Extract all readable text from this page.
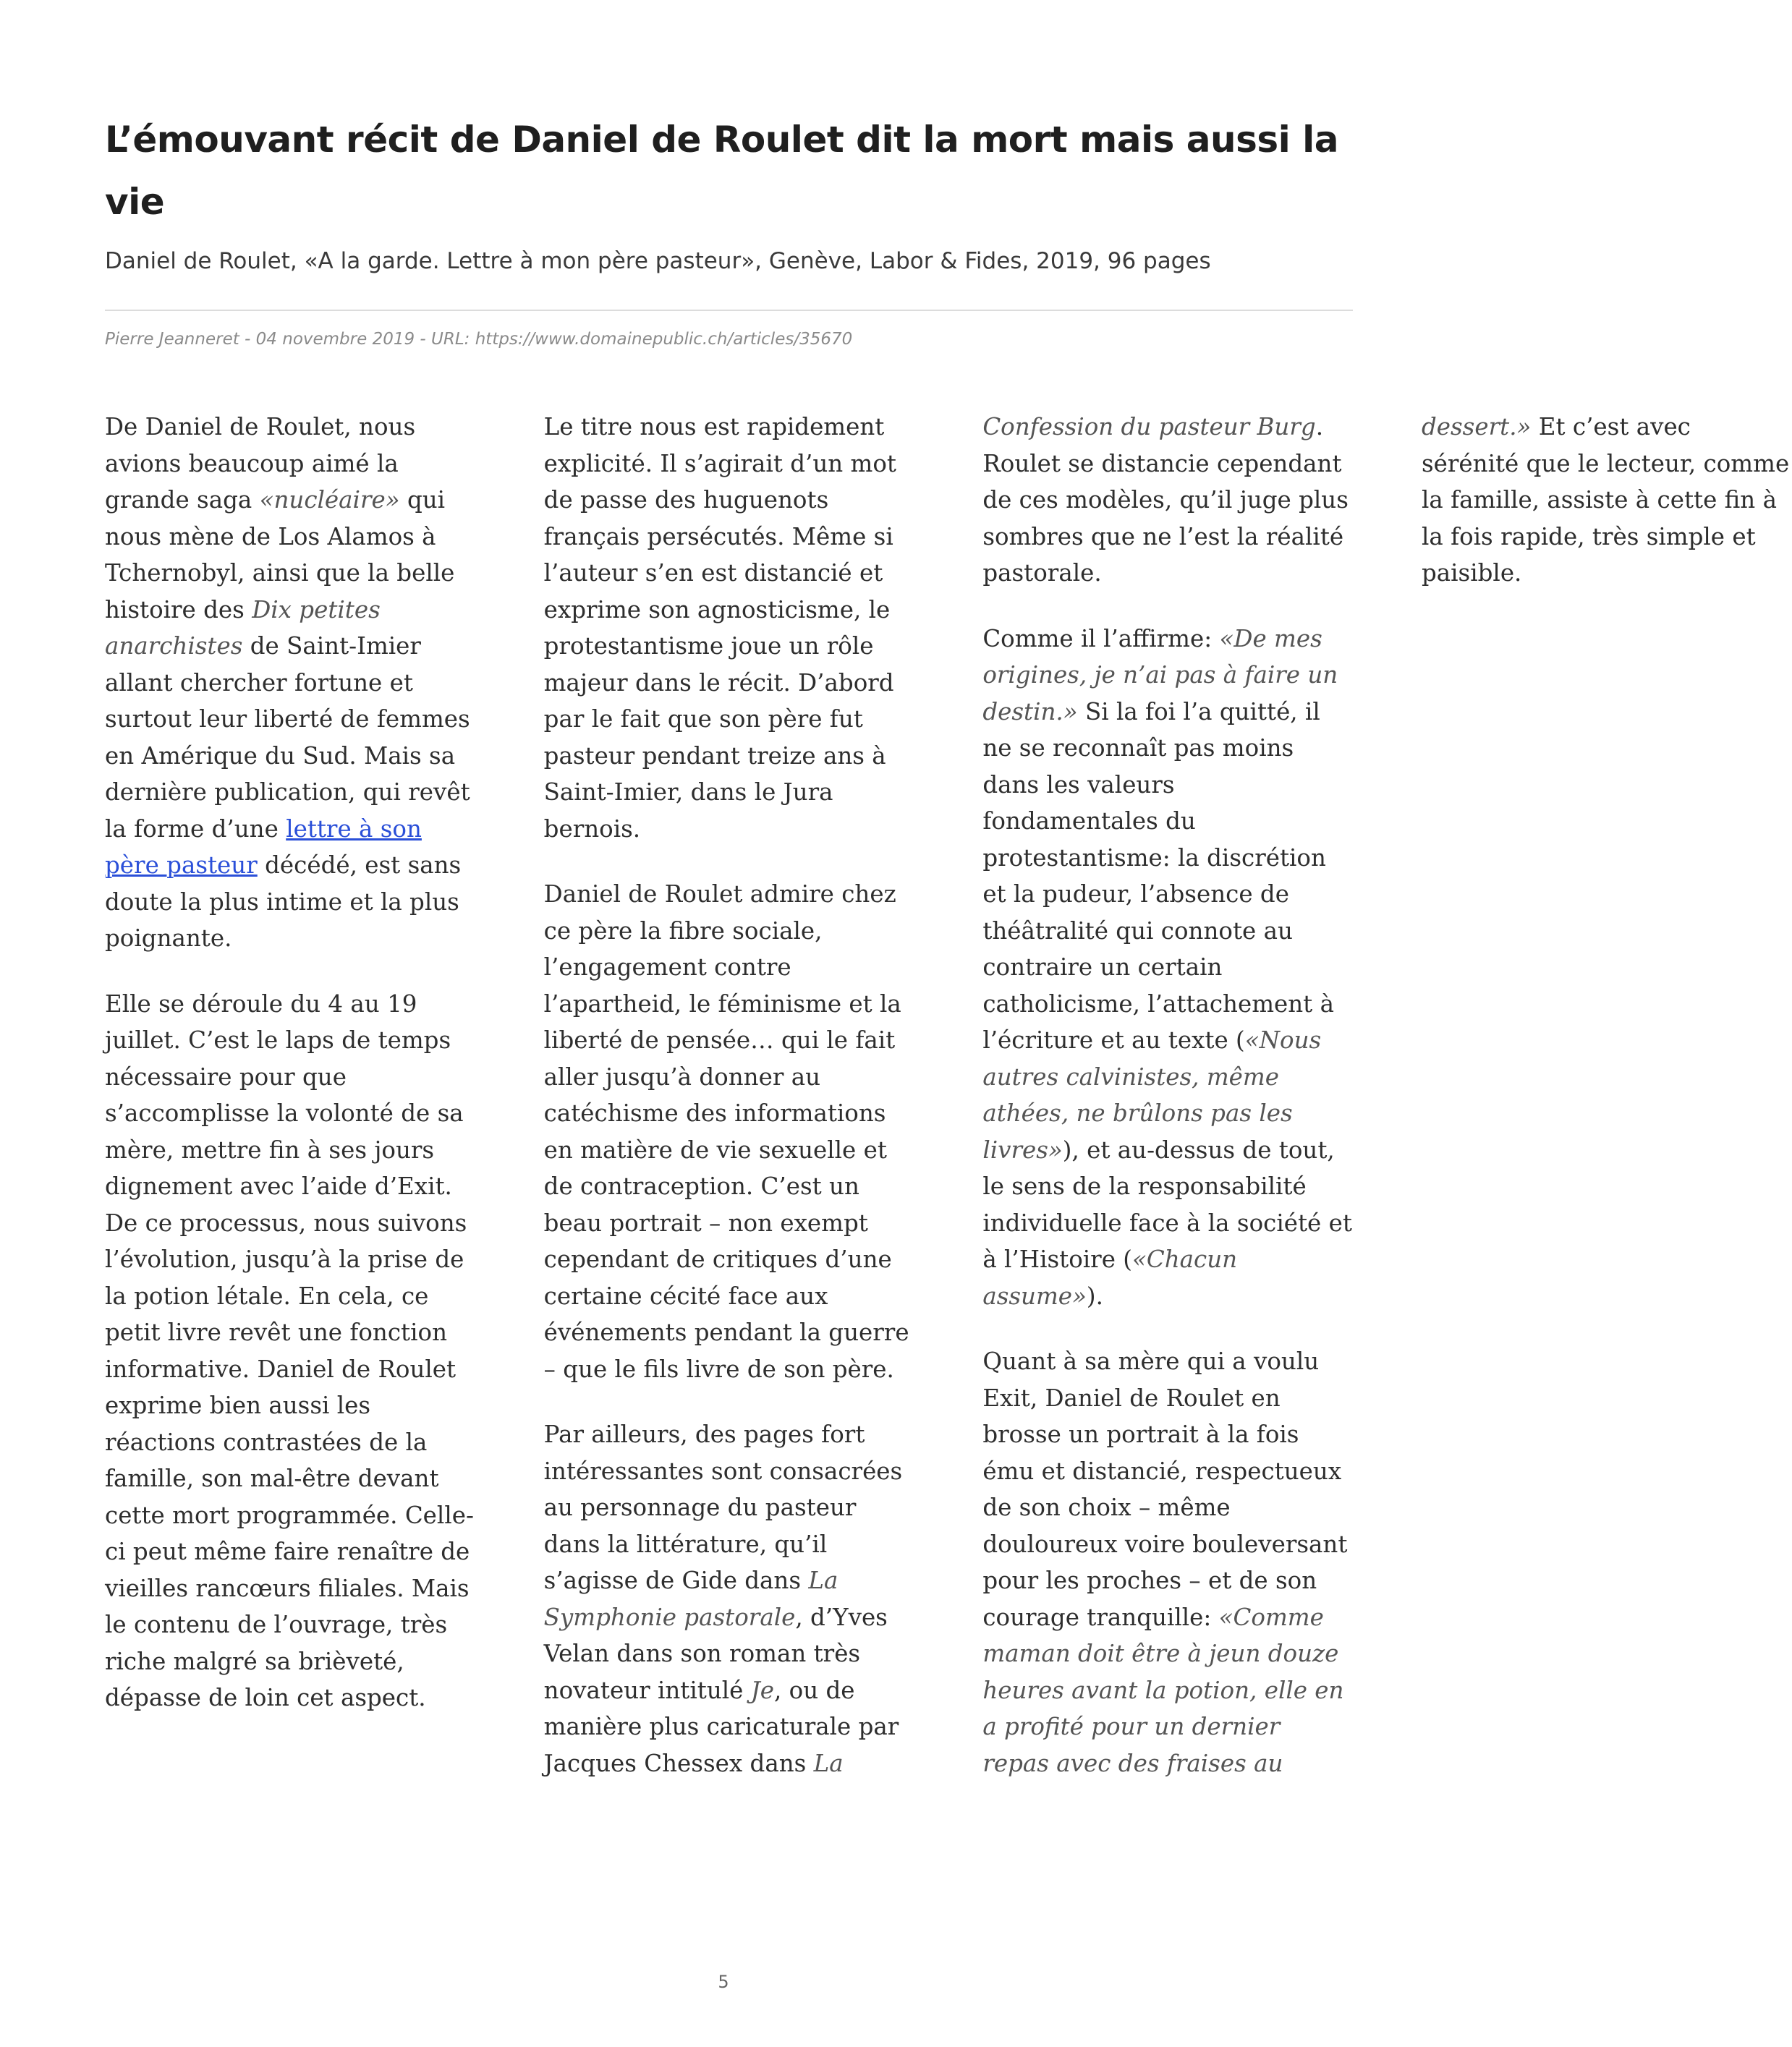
L’émouvant récit de Daniel de Roulet dit la mort mais aussi la vie

Daniel de Roulet, «A la garde. Lettre à mon père pasteur», Genève, Labor & Fides, 2019, 96 pages

Pierre Jeanneret - 04 novembre 2019 - URL: https://www.domainepublic.ch/articles/35670

De Daniel de Roulet, nous avions beaucoup aimé la grande saga «nucléaire» qui nous mène de Los Alamos à Tchernobyl, ainsi que la belle histoire des Dix petites anarchistes de Saint-Imier allant chercher fortune et surtout leur liberté de femmes en Amérique du Sud. Mais sa dernière publication, qui revêt la forme d’une lettre à son père pasteur décédé, est sans doute la plus intime et la plus poignante.

Elle se déroule du 4 au 19 juillet. C’est le laps de temps nécessaire pour que s’accomplisse la volonté de sa mère, mettre fin à ses jours dignement avec l’aide d’Exit. De ce processus, nous suivons l’évolution, jusqu’à la prise de la potion létale. En cela, ce petit livre revêt une fonction informative. Daniel de Roulet exprime bien aussi les réactions contrastées de la famille, son mal-être devant cette mort programmée. Celle-ci peut même faire renaître de vieilles rancœurs filiales. Mais le contenu de l’ouvrage, très riche malgré sa brièveté, dépasse de loin cet aspect.

Le titre nous est rapidement explicité. Il s’agirait d’un mot de passe des huguenots français persécutés. Même si l’auteur s’en est distancié et exprime son agnosticisme, le protestantisme joue un rôle majeur dans le récit. D’abord par le fait que son père fut pasteur pendant treize ans à Saint-Imier, dans le Jura bernois.

Daniel de Roulet admire chez ce père la fibre sociale, l’engagement contre l’apartheid, le féminisme et la liberté de pensée… qui le fait aller jusqu’à donner au catéchisme des informations en matière de vie sexuelle et de contraception. C’est un beau portrait – non exempt cependant de critiques d’une certaine cécité face aux événements pendant la guerre – que le fils livre de son père.

Par ailleurs, des pages fort intéressantes sont consacrées au personnage du pasteur dans la littérature, qu’il s’agisse de Gide dans La Symphonie pastorale, d’Yves Velan dans son roman très novateur intitulé Je, ou de manière plus caricaturale par Jacques Chessex dans La Confession du pasteur Burg. Roulet se distancie cependant de ces modèles, qu’il juge plus sombres que ne l’est la réalité pastorale.

Comme il l’affirme: «De mes origines, je n’ai pas à faire un destin.» Si la foi l’a quitté, il ne se reconnaît pas moins dans les valeurs fondamentales du protestantisme: la discrétion et la pudeur, l’absence de théâtralité qui connote au contraire un certain catholicisme, l’attachement à l’écriture et au texte («Nous autres calvinistes, même athées, ne brûlons pas les livres»), et au-dessus de tout, le sens de la responsabilité individuelle face à la société et à l’Histoire («Chacun assume»).

Quant à sa mère qui a voulu Exit, Daniel de Roulet en brosse un portrait à la fois ému et distancié, respectueux de son choix – même douloureux voire bouleversant pour les proches – et de son courage tranquille: «Comme maman doit être à jeun douze heures avant la potion, elle en a profité pour un dernier repas avec des fraises au dessert.» Et c’est avec sérénité que le lecteur, comme la famille, assiste à cette fin à la fois rapide, très simple et paisible.

5
